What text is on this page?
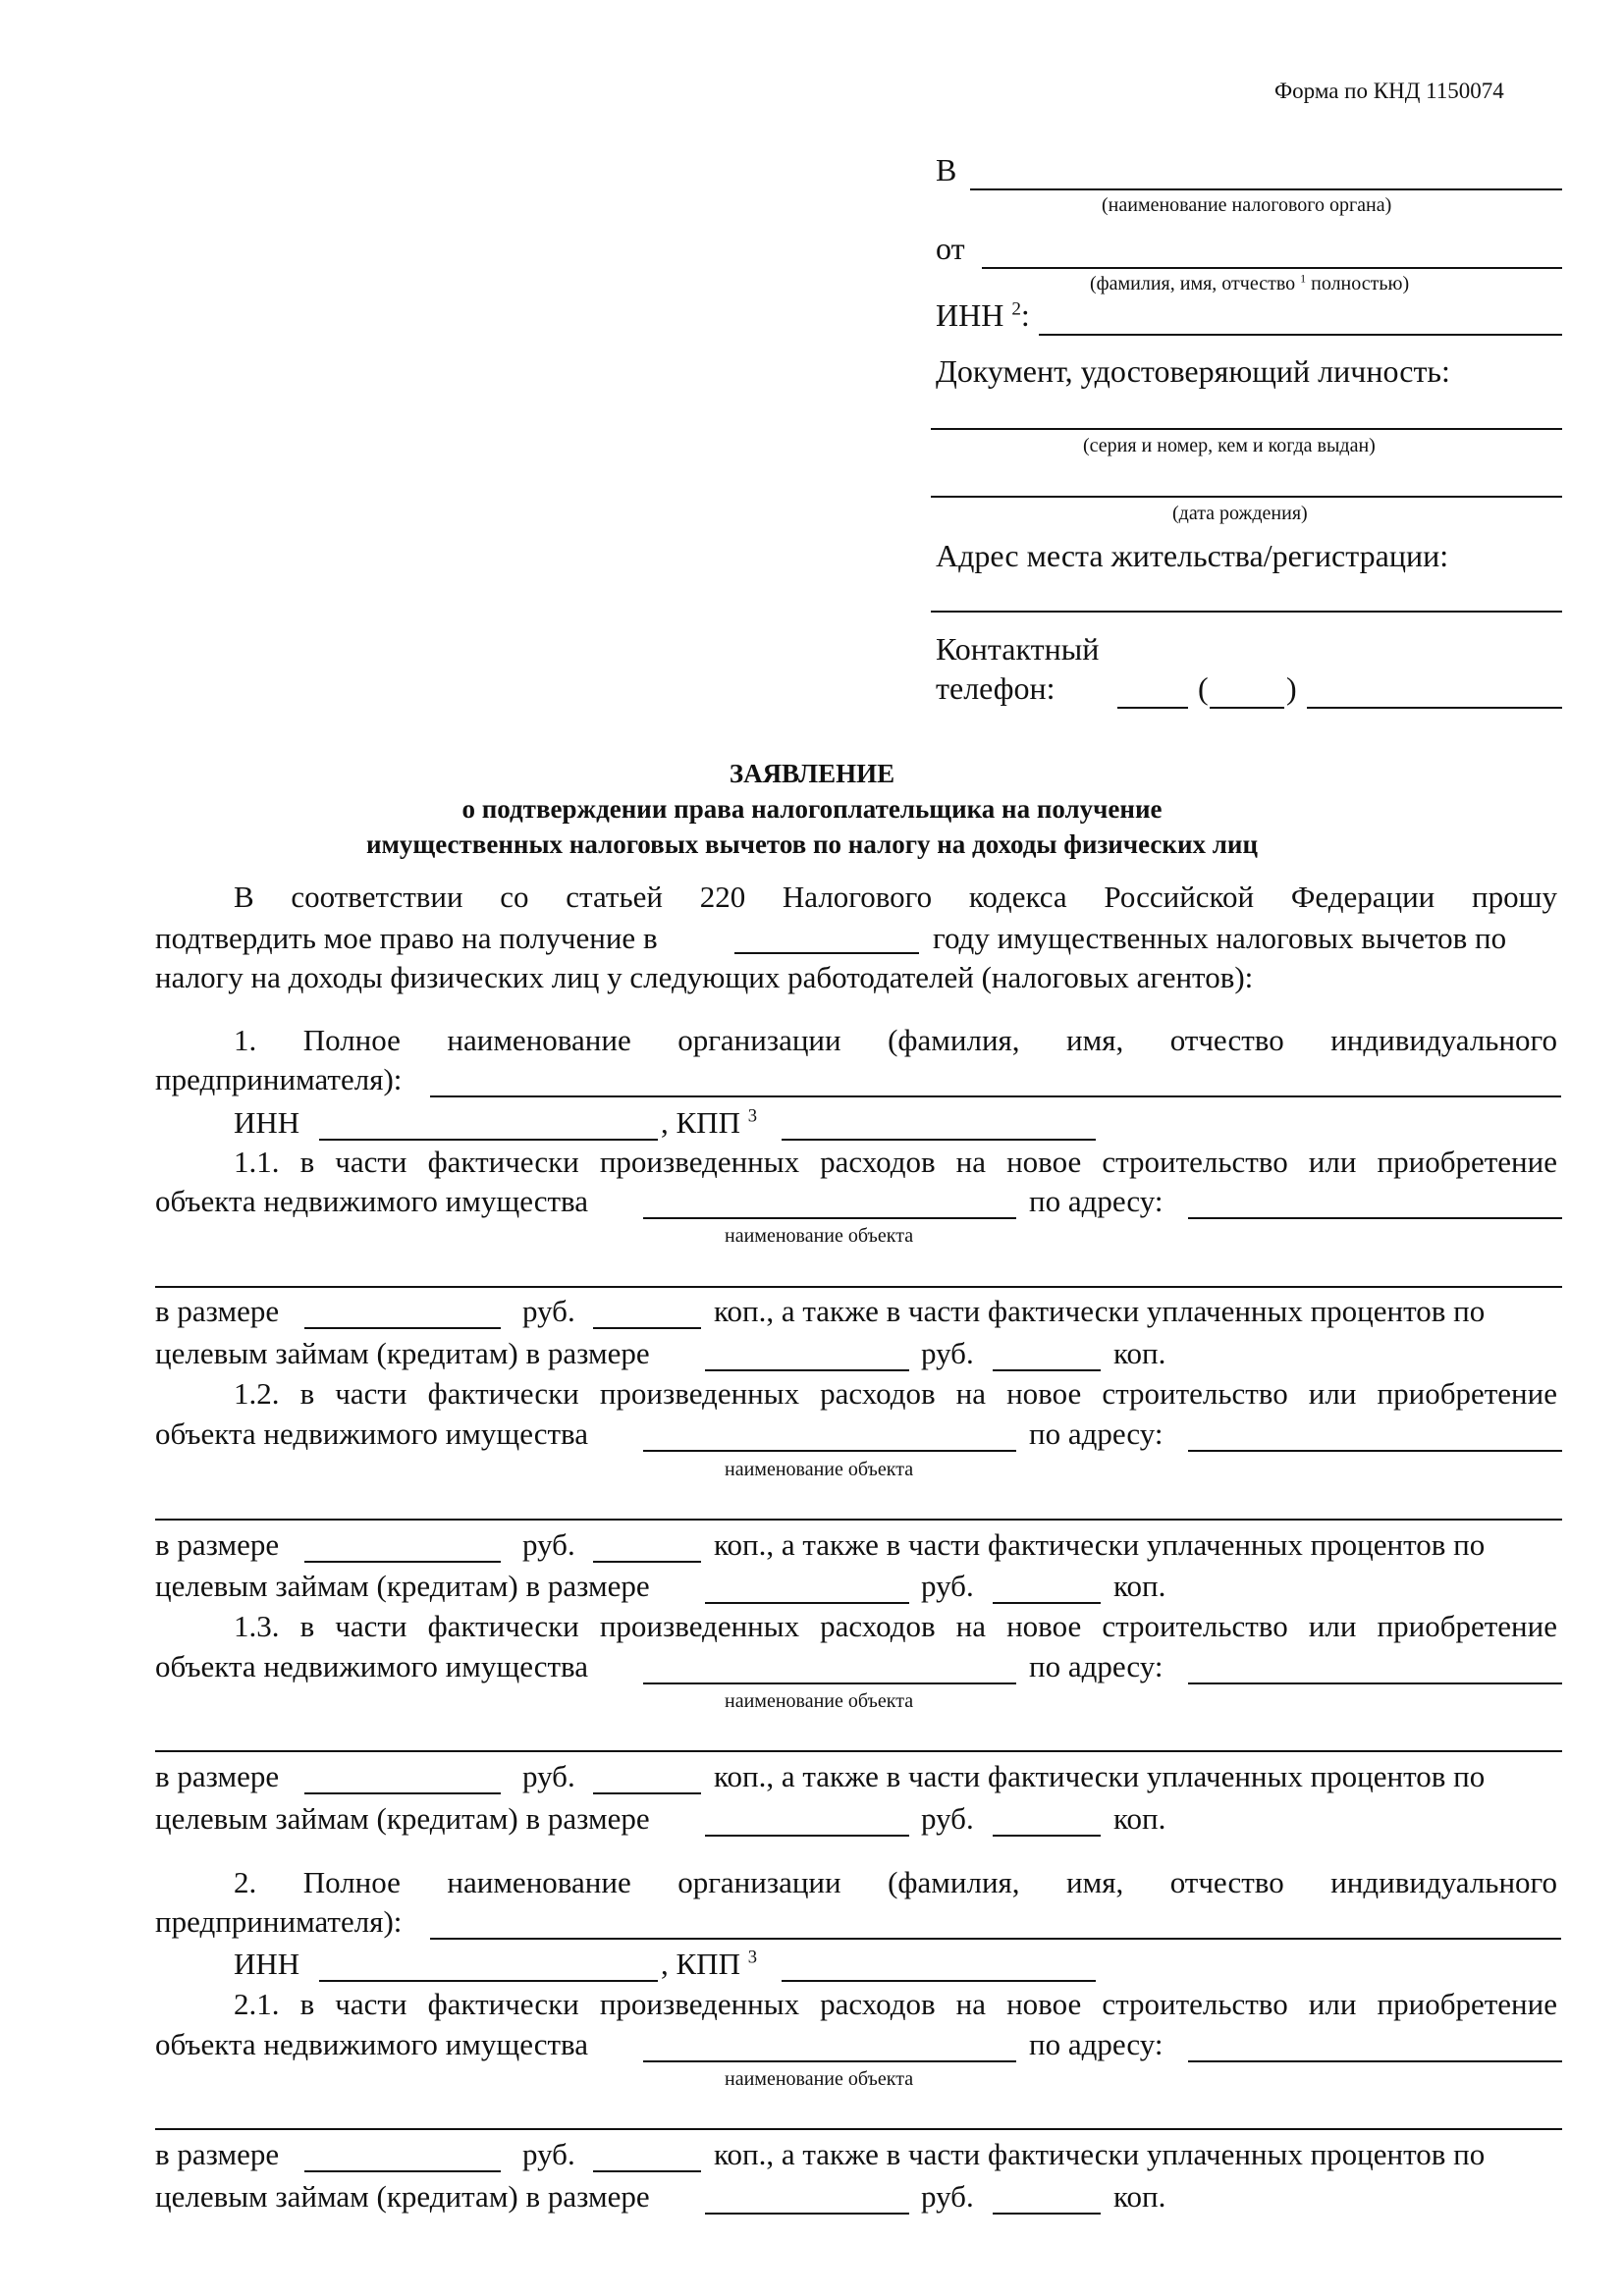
Форма по КНД 1150074
В
(наименование налогового органа)
от
(фамилия, имя, отчество $^1$ полностью)
ИНН $^2$:
Документ, удостоверяющий личность:
(серия и номер, кем и когда выдан)
(дата рождения)
Адрес места жительства/регистрации:
Контактный
телефон:	( )
ЗАЯВЛЕНИЕ
о подтверждении права налогоплательщика на получение
имущественных налоговых вычетов по налогу на доходы физических лиц
В соответствии со статьей 220 Налогового кодекса Российской Федерации прошу
подтвердить мое право на получение в	году имущественных налоговых вычетов по
налогу на доходы физических лиц у следующих работодателей (налоговых агентов):
1. Полное наименование организации (фамилия, имя, отчество индивидуального
предпринимателя):
ИНН	, КПП $^3$
1.1. в части фактически произведенных расходов на новое строительство или приобретение
объекта недвижимого имущества	по адресу:
наименование объекта
в размере	руб.	коп., а также в части фактически уплаченных процентов по
целевым займам (кредитам) в размере	руб.	коп.
1.2. в части фактически произведенных расходов на новое строительство или приобретение
объекта недвижимого имущества	по адресу:
наименование объекта
в размере	руб.	коп., а также в части фактически уплаченных процентов по
целевым займам (кредитам) в размере	руб.	коп.
1.3. в части фактически произведенных расходов на новое строительство или приобретение
объекта недвижимого имущества	по адресу:
наименование объекта
в размере	руб.	коп., а также в части фактически уплаченных процентов по
целевым займам (кредитам) в размере	руб.	коп.
2. Полное наименование организации (фамилия, имя, отчество индивидуального
предпринимателя):
ИНН	, КПП $^3$
2.1. в части фактически произведенных расходов на новое строительство или приобретение
объекта недвижимого имущества	по адресу:
наименование объекта
в размере	руб.	коп., а также в части фактически уплаченных процентов по
целевым займам (кредитам) в размере	руб.	коп.
